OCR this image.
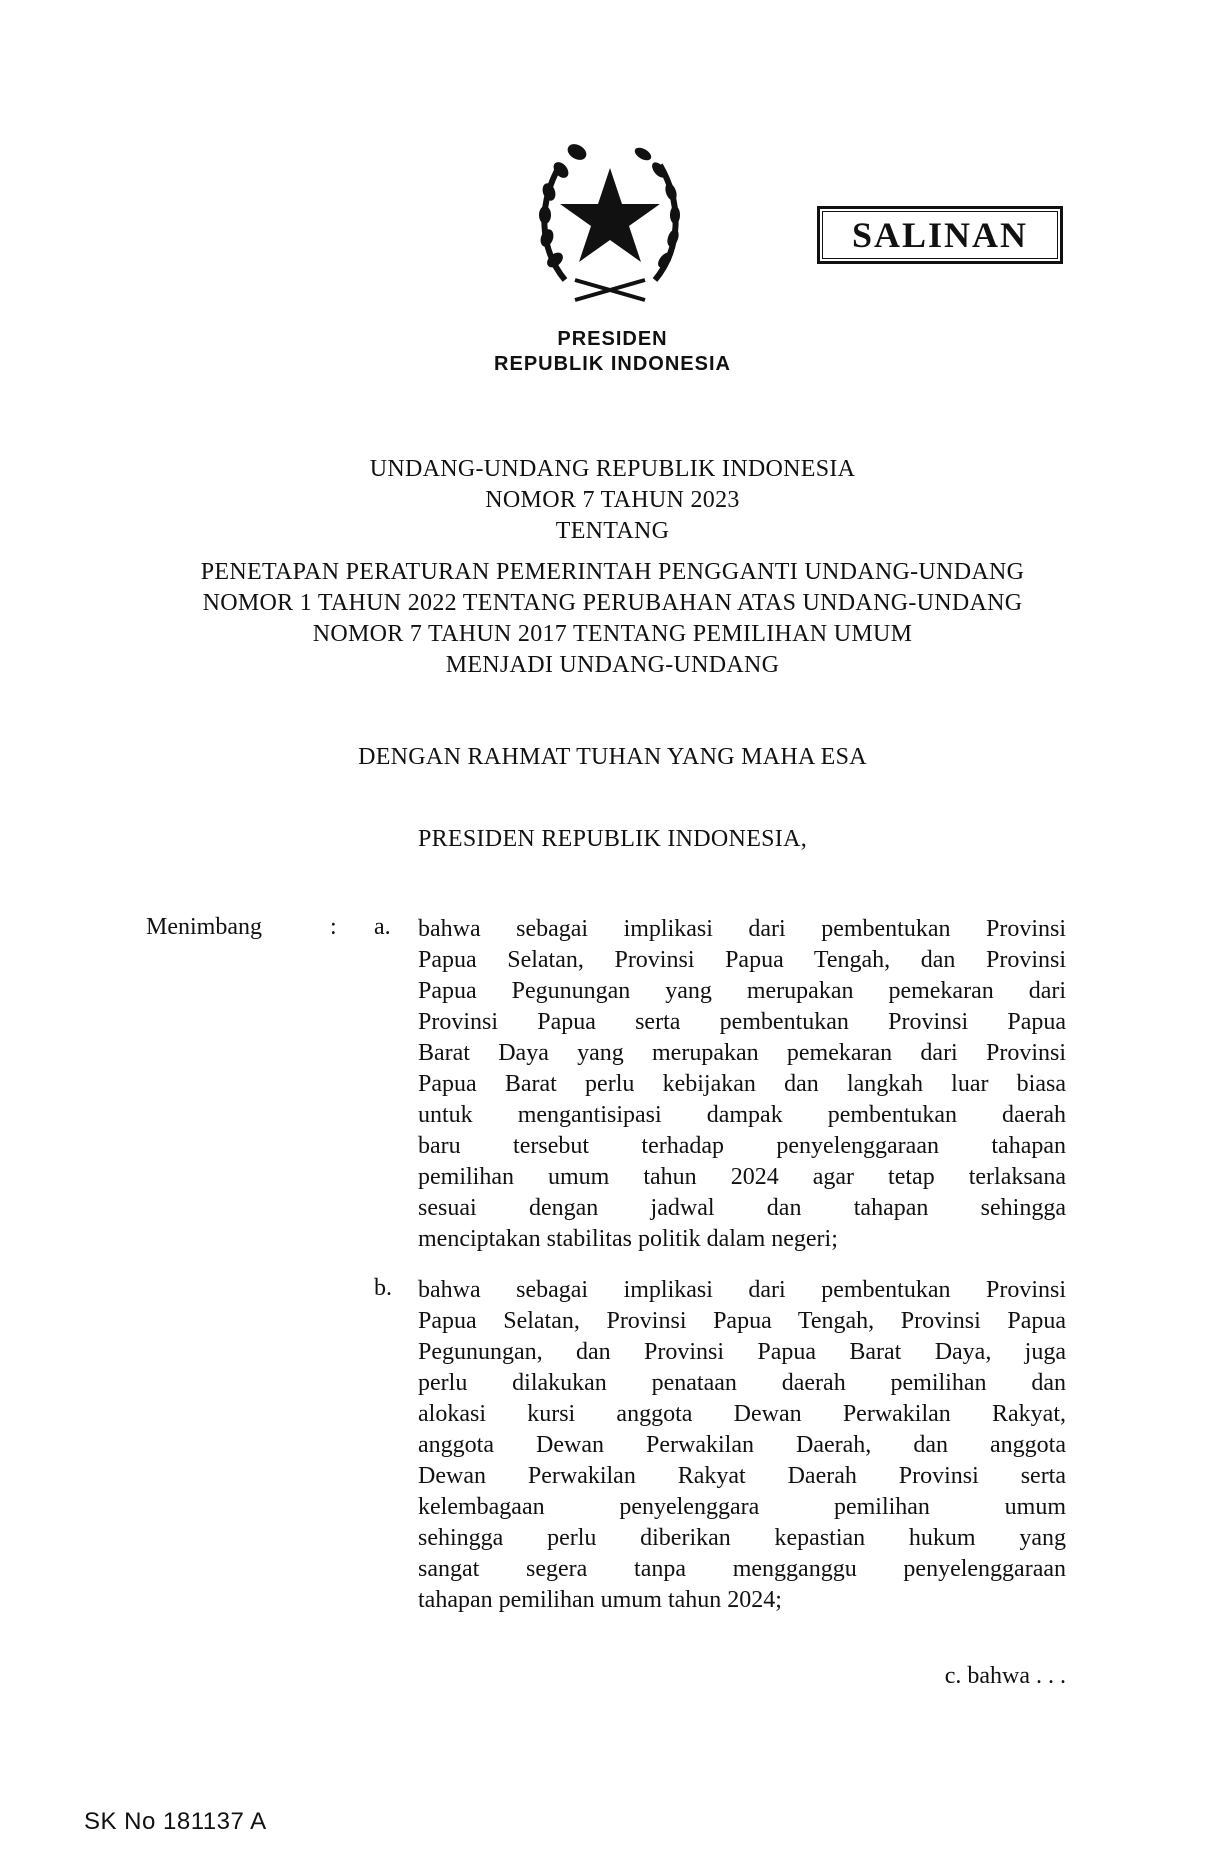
PRESIDEN
REPUBLIK INDONESIA
SALINAN
UNDANG-UNDANG REPUBLIK INDONESIA
NOMOR 7 TAHUN 2023
TENTANG
PENETAPAN PERATURAN PEMERINTAH PENGGANTI UNDANG-UNDANG
NOMOR 1 TAHUN 2022 TENTANG PERUBAHAN ATAS UNDANG-UNDANG
NOMOR 7 TAHUN 2017 TENTANG PEMILIHAN UMUM
MENJADI UNDANG-UNDANG
DENGAN RAHMAT TUHAN YANG MAHA ESA
PRESIDEN REPUBLIK INDONESIA,
Menimbang	: a. bahwa sebagai implikasi dari pembentukan Provinsi
Papua Selatan, Provinsi Papua Tengah, dan Provinsi
Papua Pegunungan yang merupakan pemekaran dari
Provinsi Papua serta pembentukan Provinsi Papua
Barat Daya yang merupakan pemekaran dari Provinsi
Papua Barat perlu kebijakan dan langkah luar biasa
untuk mengantisipasi dampak pembentukan daerah
baru tersebut terhadap penyelenggaraan tahapan
pemilihan umum tahun 2024 agar tetap terlaksana
sesuai dengan jadwal dan tahapan sehingga
menciptakan stabilitas politik dalam negeri;
b. bahwa sebagai implikasi dari pembentukan Provinsi
Papua Selatan, Provinsi Papua Tengah, Provinsi Papua
Pegunungan, dan Provinsi Papua Barat Daya, juga
perlu dilakukan penataan daerah pemilihan dan
alokasi kursi anggota Dewan Perwakilan Rakyat,
anggota Dewan Perwakilan Daerah, dan anggota
Dewan Perwakilan Rakyat Daerah Provinsi serta
kelembagaan penyelenggara pemilihan umum
sehingga perlu diberikan kepastian hukum yang
sangat segera tanpa mengganggu penyelenggaraan
tahapan pemilihan umum tahun 2024;
c. bahwa . . .
SK No 181137 A
